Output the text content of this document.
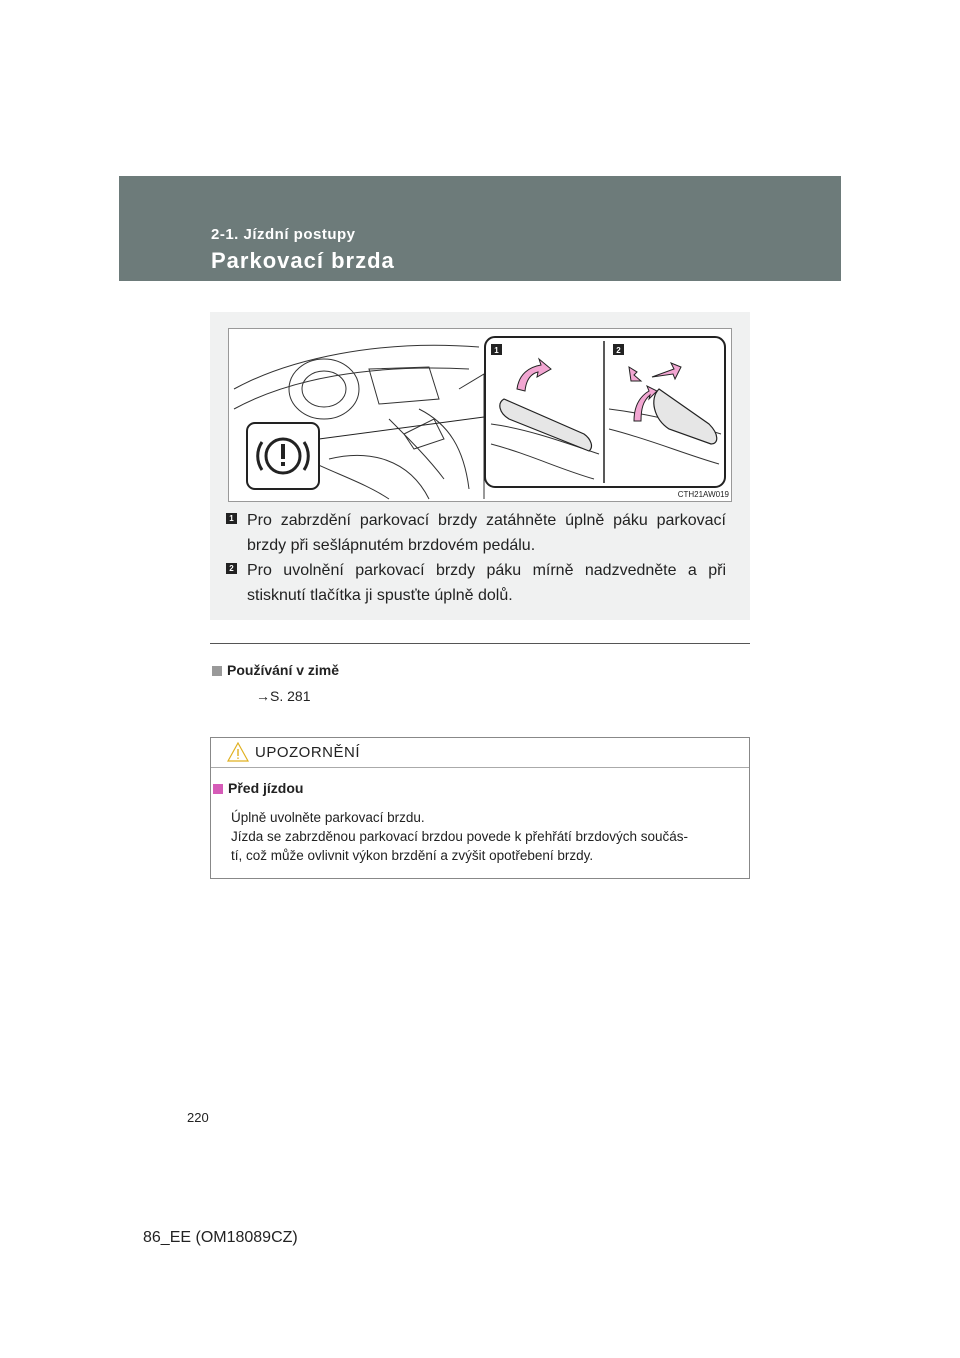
2-1. Jízdní postupy
Parkovací brzda
1	2
CTH21AW019
1 Pro zabrzdění parkovací brzdy zatáhněte úplně páku parkovací brzdy při sešlápnutém brzdovém pedálu.
2 Pro uvolnění parkovací brzdy páku mírně nadzvedněte a při stisknutí tlačítka ji spusťte úplně dolů.
Používání v zimě
→S. 281
UPOZORNĚNÍ
Před jízdou
Úplně uvolněte parkovací brzdu.
Jízda se zabrzděnou parkovací brzdou povede k přehřátí brzdových součás-
tí, což může ovlivnit výkon brzdění a zvýšit opotřebení brzdy.
220
86_EE (OM18089CZ)
